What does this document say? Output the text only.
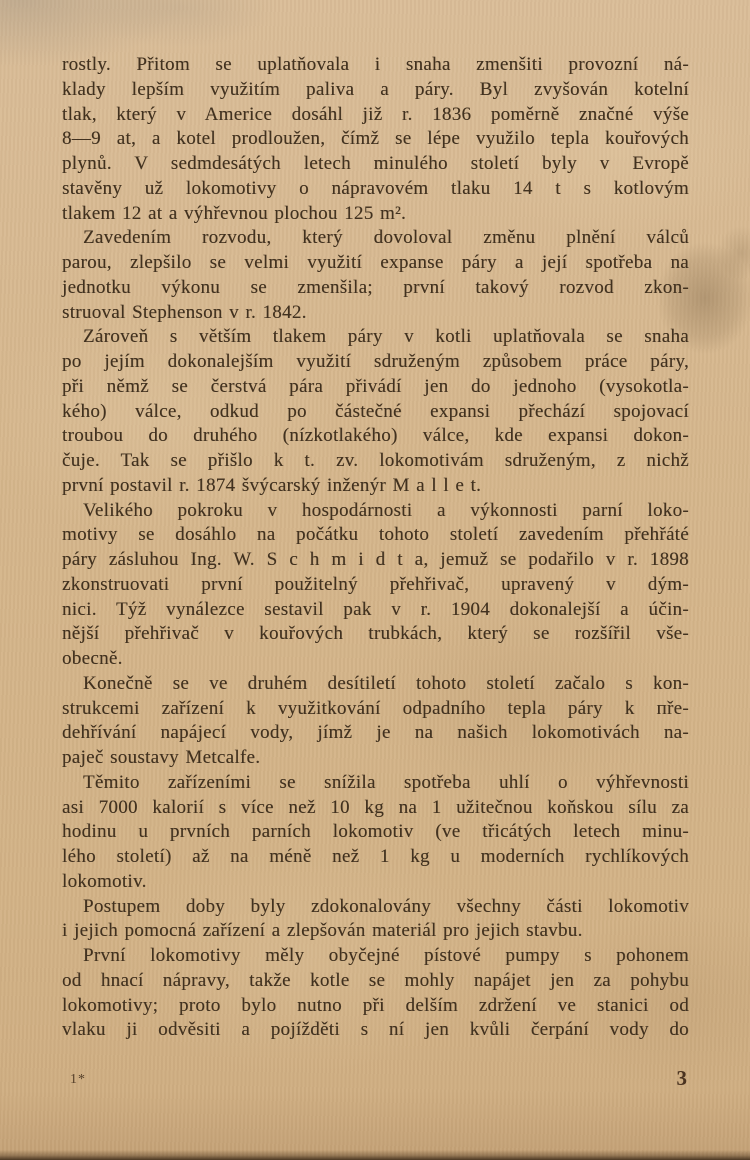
rostly. Přitom se uplatňovala i snaha zmenšiti provozní ná-
klady lepším využitím paliva a páry. Byl zvyšován kotelní
tlak, který v Americe dosáhl již r. 1836 poměrně značné výše
8—9 at, a kotel prodloužen, čímž se lépe využilo tepla kouřových
plynů. V sedmdesátých letech minulého století byly v Evropě
stavěny už lokomotivy o nápravovém tlaku 14 t s kotlovým
tlakem 12 at a výhřevnou plochou 125 m².
Zavedením rozvodu, který dovoloval změnu plnění válců
parou, zlepšilo se velmi využití expanse páry a její spotřeba na
jednotku výkonu se zmenšila; první takový rozvod zkon-
struoval Stephenson v r. 1842.
Zároveň s větším tlakem páry v kotli uplatňovala se snaha
po jejím dokonalejším využití sdruženým způsobem práce páry,
při němž se čerstvá pára přivádí jen do jednoho (vysokotla-
kého) válce, odkud po částečné expansi přechází spojovací
troubou do druhého (nízkotlakého) válce, kde expansi dokon-
čuje. Tak se přišlo k t. zv. lokomotivám sdruženým, z nichž
první postavil r. 1874 švýcarský inženýr M a l l e t.
Velikého pokroku v hospodárnosti a výkonnosti parní loko-
motivy se dosáhlo na počátku tohoto století zavedením přehřáté
páry zásluhou Ing. W. S c h m i d t a, jemuž se podařilo v r. 1898
zkonstruovati první použitelný přehřivač, upravený v dým-
nici. Týž vynálezce sestavil pak v r. 1904 dokonalejší a účin-
nější přehřivač v kouřových trubkách, který se rozšířil vše-
obecně.
Konečně se ve druhém desítiletí tohoto století začalo s kon-
strukcemi zařízení k využitkování odpadního tepla páry k пře-
dehřívání napájecí vody, jímž je na našich lokomotivách na-
paječ soustavy Metcalfe.
Těmito zařízeními se snížila spotřeba uhlí o výhřevnosti
asi 7000 kalorií s více než 10 kg na 1 užitečnou koňskou sílu za
hodinu u prvních parních lokomotiv (ve třicátých letech minu-
lého století) až na méně než 1 kg u moderních rychlíkových
lokomotiv.
Postupem doby byly zdokonalovány všechny části lokomotiv
i jejich pomocná zařízení a zlepšován materiál pro jejich stavbu.
První lokomotivy měly obyčejné pístové pumpy s pohonem
od hnací nápravy, takže kotle se mohly napájet jen za pohybu
lokomotivy; proto bylo nutno při delším zdržení ve stanici od
vlaku ji odvěsiti a pojížděti s ní jen kvůli čerpání vody do
1*	3
